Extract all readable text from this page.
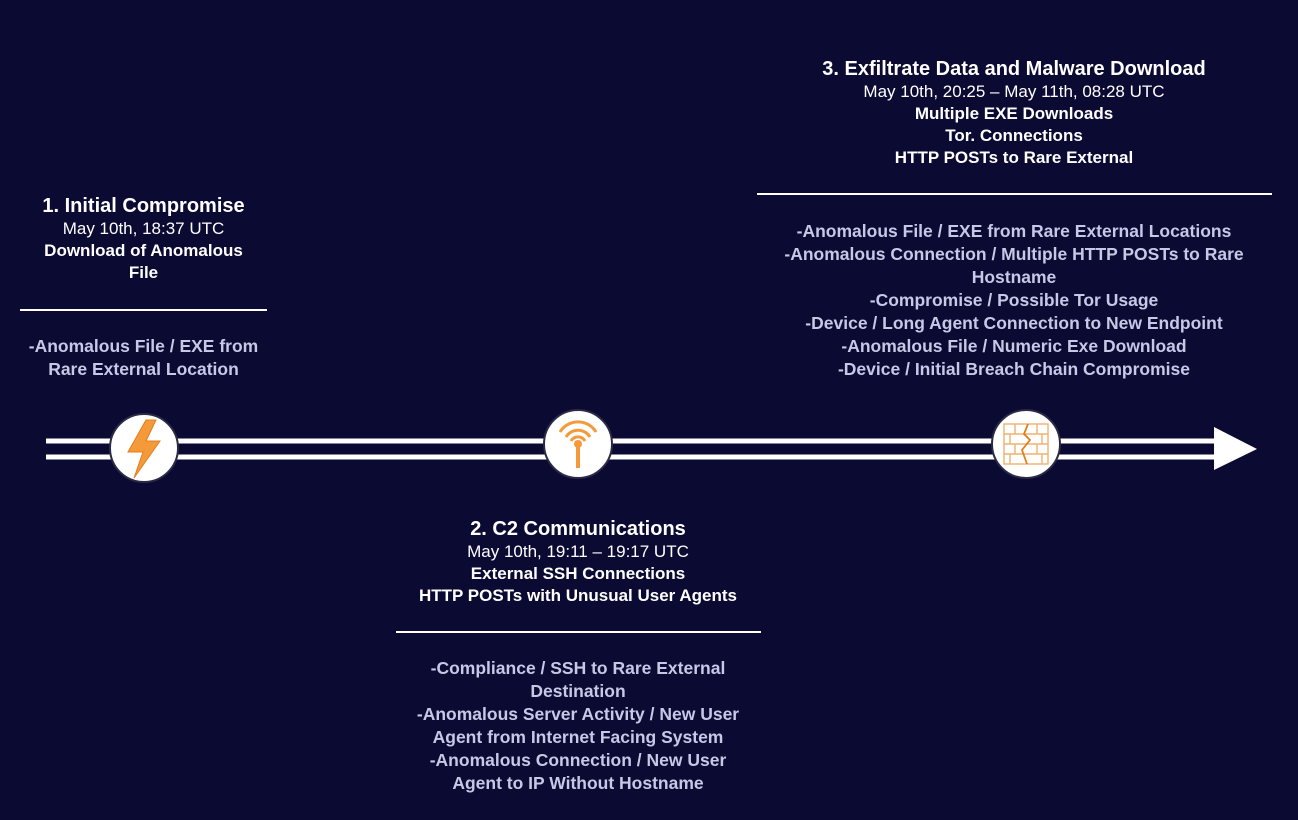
1. Initial Compromise
May 10th, 18:37 UTC
Download of Anomalous
File
-Anomalous File / EXE from
Rare External Location
2. C2 Communications
May 10th, 19:11 – 19:17 UTC
External SSH Connections
HTTP POSTs with Unusual User Agents
-Compliance / SSH to Rare External
Destination
-Anomalous Server Activity / New User
Agent from Internet Facing System
-Anomalous Connection / New User
Agent to IP Without Hostname
3. Exfiltrate Data and Malware Download
May 10th, 20:25 – May 11th, 08:28 UTC
Multiple EXE Downloads
Tor. Connections
HTTP POSTs to Rare External
-Anomalous File / EXE from Rare External Locations
-Anomalous Connection / Multiple HTTP POSTs to Rare
Hostname
-Compromise / Possible Tor Usage
-Device / Long Agent Connection to New Endpoint
-Anomalous File / Numeric Exe Download
-Device / Initial Breach Chain Compromise
